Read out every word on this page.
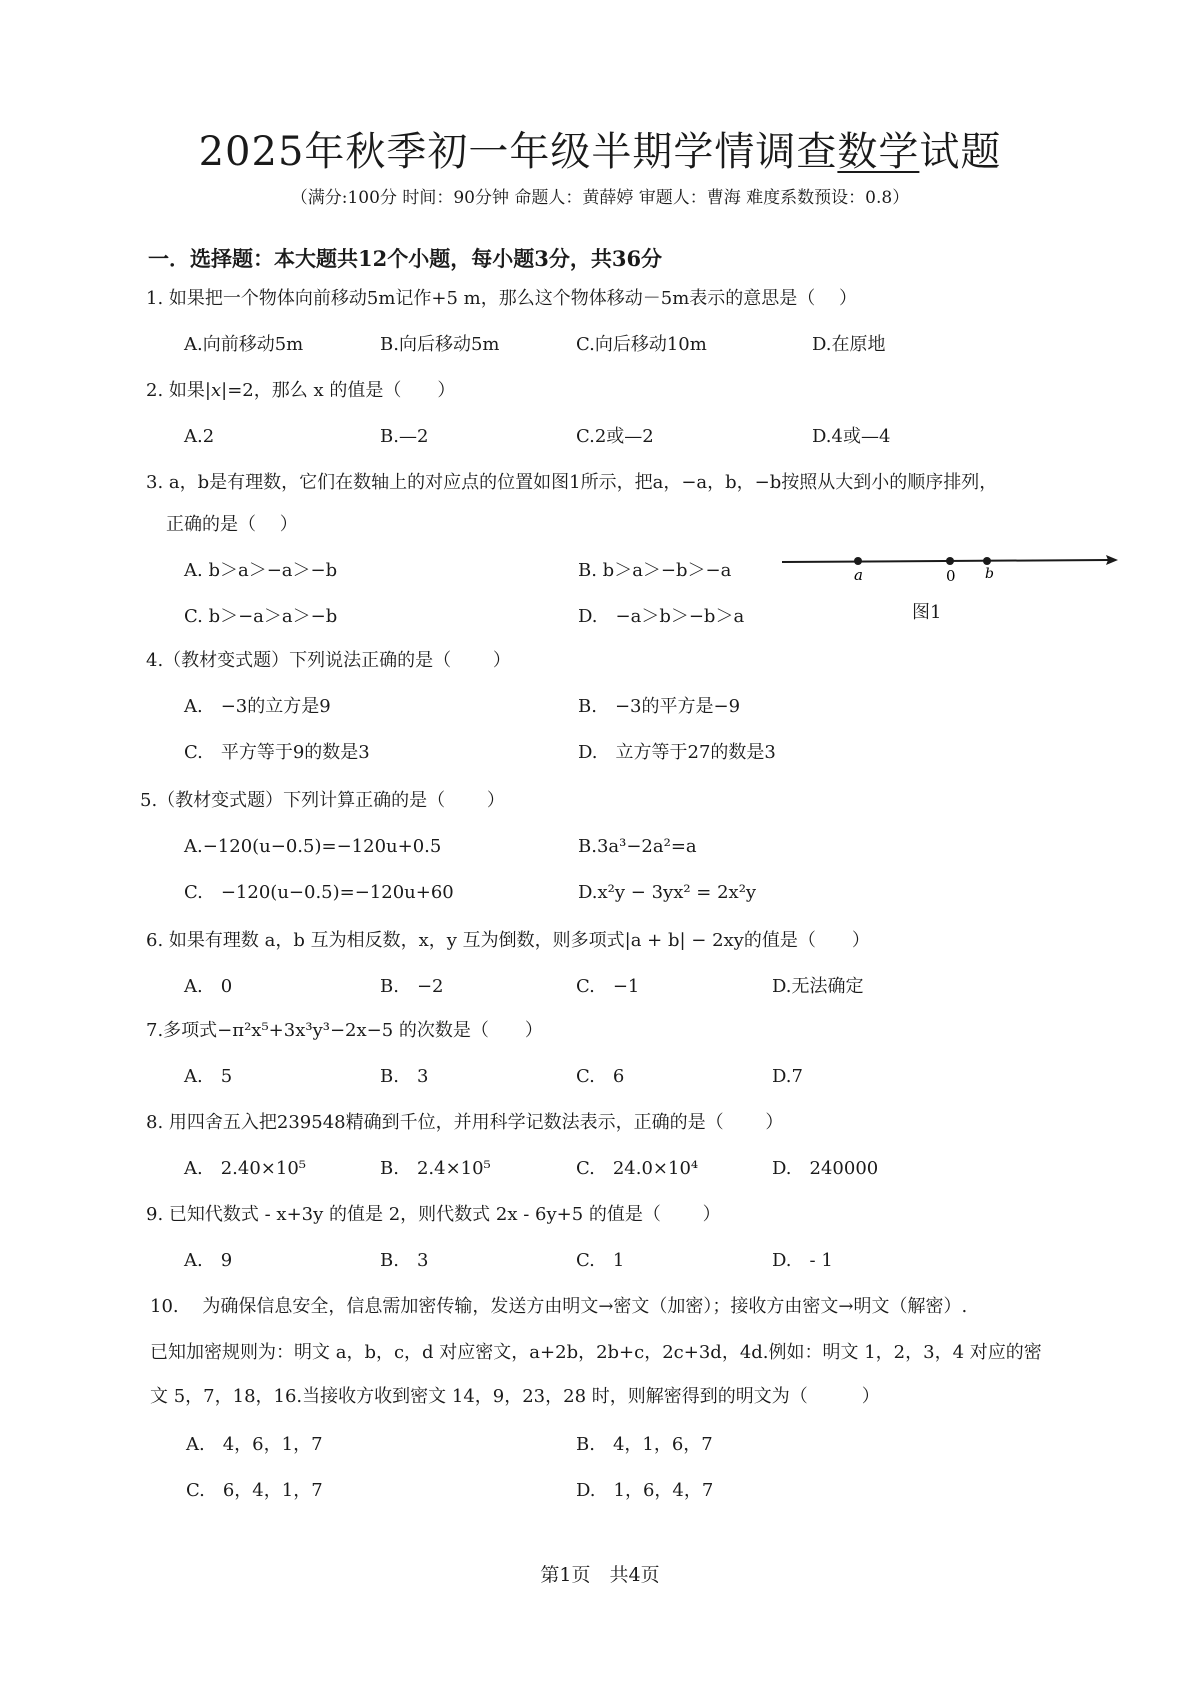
2025年秋季初一年级半期学情调查数学试题
（满分:100分 时间：90分钟 命题人：黄薛婷 审题人：曹海 难度系数预设：0.8）
一．选择题：本大题共12个小题，每小题3分，共36分
1. 如果把一个物体向前移动5m记作+5 m，那么这个物体移动－5m表示的意思是（　 ）
A.向前移动5m	B.向后移动5m	C.向后移动10m	D.在原地
2. 如果|x|=2，那么 x 的值是（　　）
A.2	B.—2	C.2或—2	D.4或—4
3. a，b是有理数，它们在数轴上的对应点的位置如图1所示，把a，−a，b，−b按照从大到小的顺序排列，
正确的是（　 ）
A. b＞a＞−a＞−b	B. b＞a＞−b＞−a
C. b＞−a＞a＞−b	D.　−a＞b＞−b＞a
a	0 b
图1
4.（教材变式题）下列说法正确的是（　　 ）
A.　−3的立方是9	B.　−3的平方是−9
C.　平方等于9的数是3	D.　立方等于27的数是3
5.（教材变式题）下列计算正确的是（　　 ）
A.−120(u−0.5)=−120u+0.5	B.3a³−2a²=a
C.　−120(u−0.5)=−120u+60	D.x²y − 3yx² = 2x²y
6. 如果有理数 a，b 互为相反数，x，y 互为倒数，则多项式|a + b| − 2xy的值是（　　）
A.　0	B.　−2	C.　−1	D.无法确定
7.多项式−π²x⁵+3x³y³−2x−5 的次数是（　　）
A.　5	B.　3	C.　6	D.7
8. 用四舍五入把239548精确到千位，并用科学记数法表示，正确的是（　　 ）
A.　2.40×10⁵	B.　2.4×10⁵	C.　24.0×10⁴	D.　240000
9. 已知代数式 - x+3y 的值是 2，则代数式 2x - 6y+5 的值是（　　 ）
A.　9	B.　3	C.　1	D.　- 1
10.　 为确保信息安全，信息需加密传输，发送方由明文→密文（加密）；接收方由密文→明文（解密）.
已知加密规则为：明文 a，b，c，d 对应密文，a+2b，2b+c，2c+3d，4d.例如：明文 1，2，3，4 对应的密
文 5，7，18，16.当接收方收到密文 14，9，23，28 时，则解密得到的明文为（　　　）
A.　4，6，1，7	B.　4，1，6，7
C.　6，4，1，7	D.　1，6，4，7
第1页　共4页
